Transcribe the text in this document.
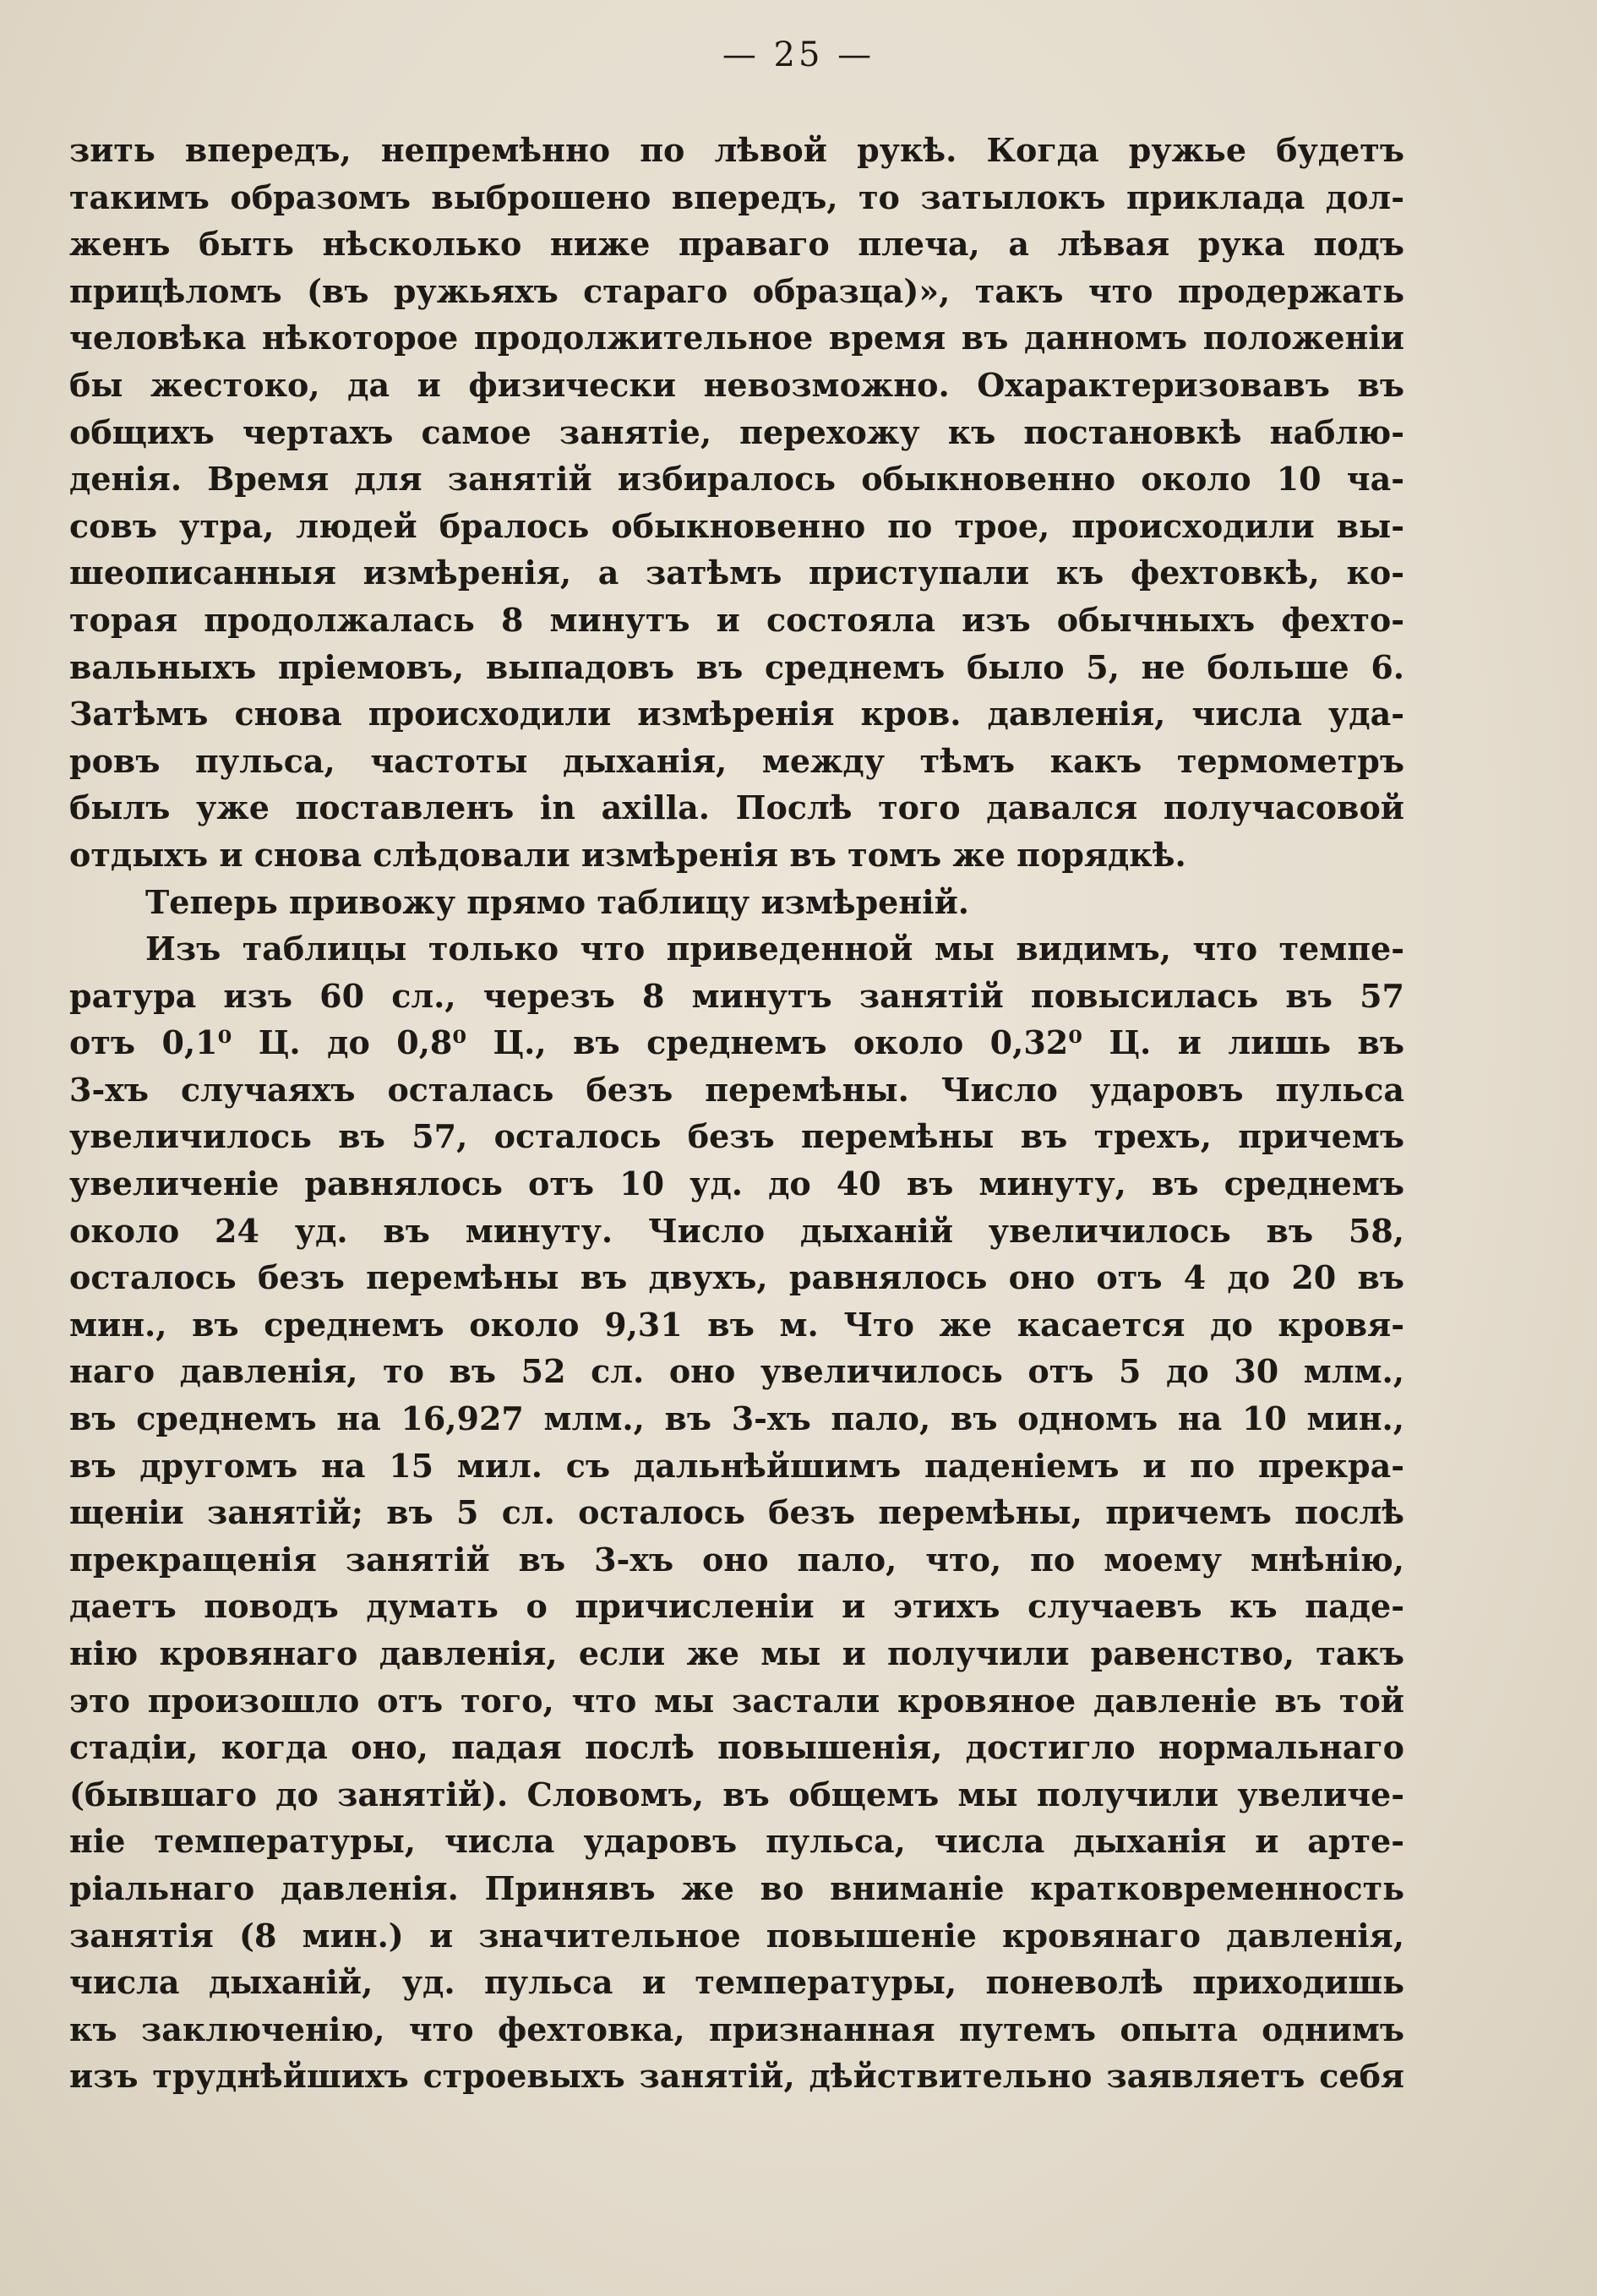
— 25 —
зить впередъ, непремѣнно по лѣвой рукѣ. Когда ружье будетъ
такимъ образомъ выброшено впередъ, то затылокъ приклада дол-
женъ быть нѣсколько ниже праваго плеча, а лѣвая рука подъ
прицѣломъ (въ ружьяхъ стараго образца)», такъ что продержать
человѣка нѣкоторое продолжительное время въ данномъ положеніи
бы жестоко, да и физически невозможно. Охарактеризовавъ въ
общихъ чертахъ самое занятіе, перехожу къ постановкѣ наблю-
денія. Время для занятій избиралось обыкновенно около 10 ча-
совъ утра, людей бралось обыкновенно по трое, происходили вы-
шеописанныя измѣренія, а затѣмъ приступали къ фехтовкѣ, ко-
торая продолжалась 8 минутъ и состояла изъ обычныхъ фехто-
вальныхъ пріемовъ, выпадовъ въ среднемъ было 5, не больше 6.
Затѣмъ снова происходили измѣренія кров. давленія, числа уда-
ровъ пульса, частоты дыханія, между тѣмъ какъ термометръ
былъ уже поставленъ in axilla. Послѣ того давался получасовой
отдыхъ и снова слѣдовали измѣренія въ томъ же порядкѣ.
Теперь привожу прямо таблицу измѣреній.
Изъ таблицы только что приведенной мы видимъ, что темпе-
ратура изъ 60 сл., черезъ 8 минутъ занятій повысилась въ 57
отъ 0,1⁰ Ц. до 0,8⁰ Ц., въ среднемъ около 0,32⁰ Ц. и лишь въ
3-хъ случаяхъ осталась безъ перемѣны. Число ударовъ пульса
увеличилось въ 57, осталось безъ перемѣны въ трехъ, причемъ
увеличеніе равнялось отъ 10 уд. до 40 въ минуту, въ среднемъ
около 24 уд. въ минуту. Число дыханій увеличилось въ 58,
осталось безъ перемѣны въ двухъ, равнялось оно отъ 4 до 20 въ
мин., въ среднемъ около 9,31 въ м. Что же касается до кровя-
наго давленія, то въ 52 сл. оно увеличилось отъ 5 до 30 млм.,
въ среднемъ на 16,927 млм., въ 3-хъ пало, въ одномъ на 10 мин.,
въ другомъ на 15 мил. съ дальнѣйшимъ паденіемъ и по прекра-
щеніи занятій; въ 5 сл. осталось безъ перемѣны, причемъ послѣ
прекращенія занятій въ 3-хъ оно пало, что, по моему мнѣнію,
даетъ поводъ думать о причисленіи и этихъ случаевъ къ паде-
нію кровянаго давленія, если же мы и получили равенство, такъ
это произошло отъ того, что мы застали кровяное давленіе въ той
стадіи, когда оно, падая послѣ повышенія, достигло нормальнаго
(бывшаго до занятій). Словомъ, въ общемъ мы получили увеличе-
ніе температуры, числа ударовъ пульса, числа дыханія и арте-
ріальнаго давленія. Принявъ же во вниманіе кратковременность
занятія (8 мин.) и значительное повышеніе кровянаго давленія,
числа дыханій, уд. пульса и температуры, поневолѣ приходишь
къ заключенію, что фехтовка, признанная путемъ опыта однимъ
изъ труднѣйшихъ строевыхъ занятій, дѣйствительно заявляетъ себя
